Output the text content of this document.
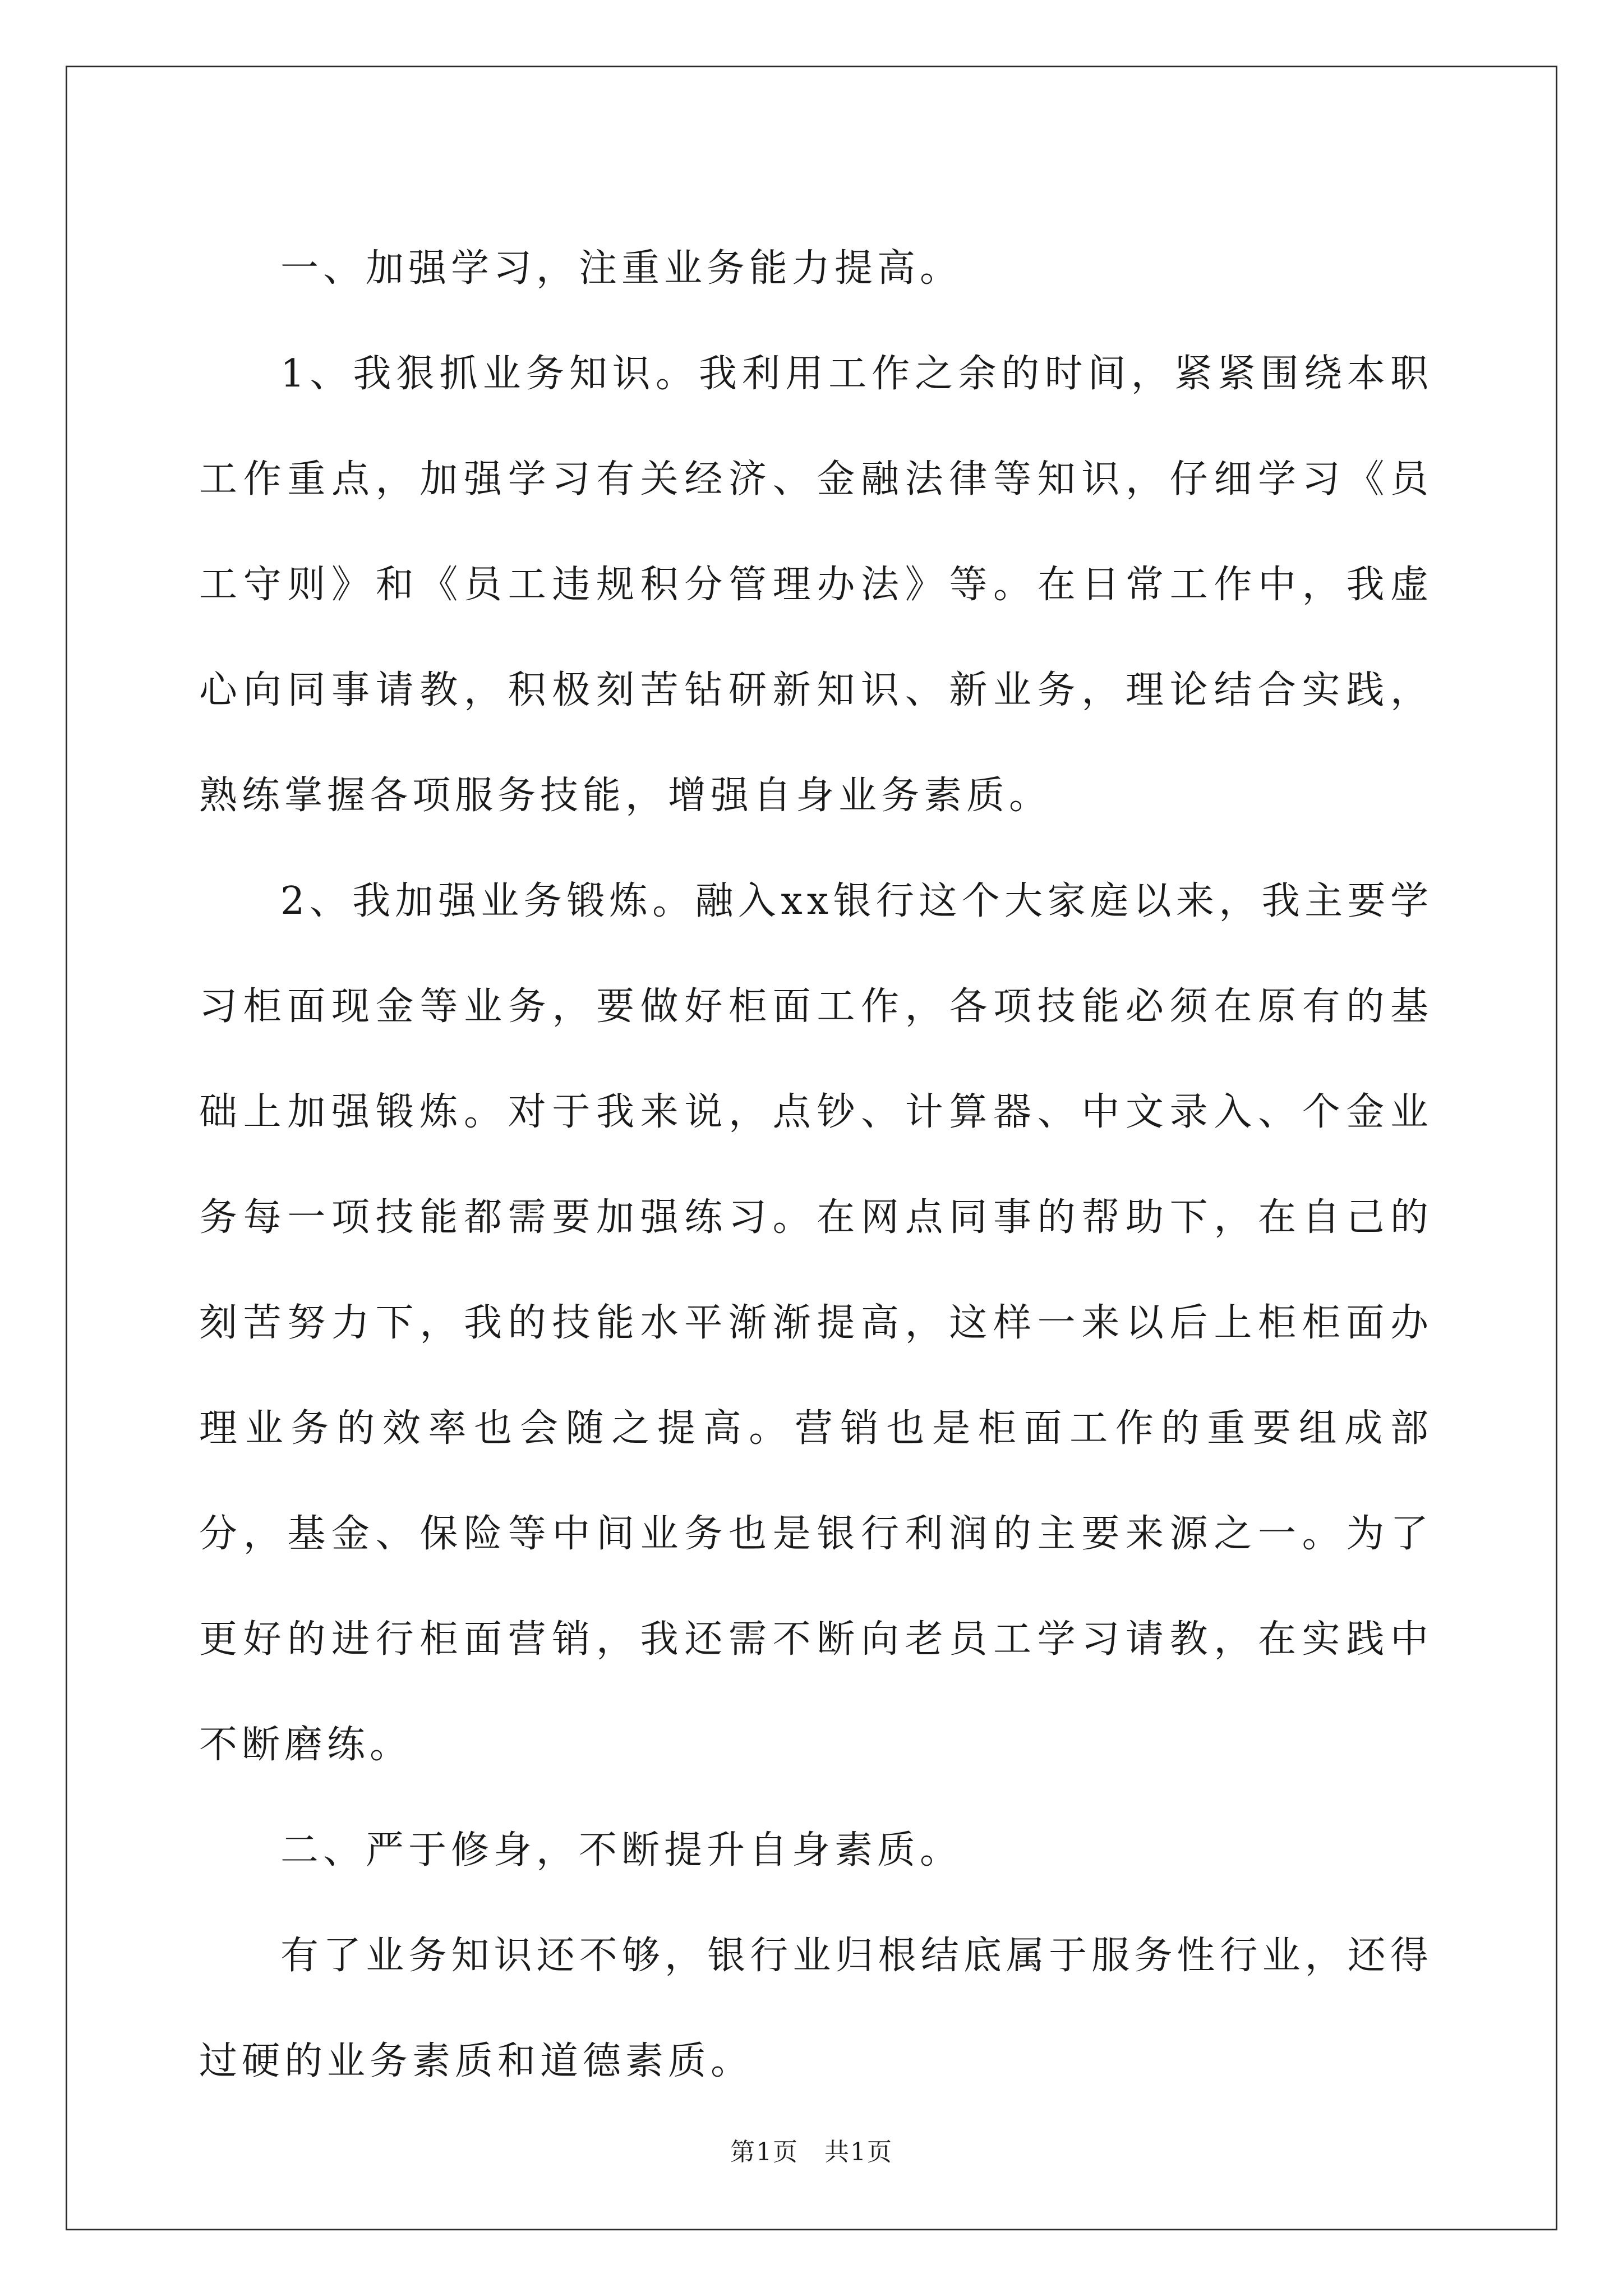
一、加强学习，注重业务能力提高。

1、我狠抓业务知识。我利用工作之余的时间，紧紧围绕本职工作重点，加强学习有关经济、金融法律等知识，仔细学习《员工守则》和《员工违规积分管理办法》等。在日常工作中，我虚心向同事请教，积极刻苦钻研新知识、新业务，理论结合实践，熟练掌握各项服务技能，增强自身业务素质。

2、我加强业务锻炼。融入xx银行这个大家庭以来，我主要学习柜面现金等业务，要做好柜面工作，各项技能必须在原有的基础上加强锻炼。对于我来说，点钞、计算器、中文录入、个金业务每一项技能都需要加强练习。在网点同事的帮助下，在自己的刻苦努力下，我的技能水平渐渐提高，这样一来以后上柜柜面办理业务的效率也会随之提高。营销也是柜面工作的重要组成部分，基金、保险等中间业务也是银行利润的主要来源之一。为了更好的进行柜面营销，我还需不断向老员工学习请教，在实践中不断磨练。

二、严于修身，不断提升自身素质。

有了业务知识还不够，银行业归根结底属于服务性行业，还得过硬的业务素质和道德素质。

第1页　共1页
